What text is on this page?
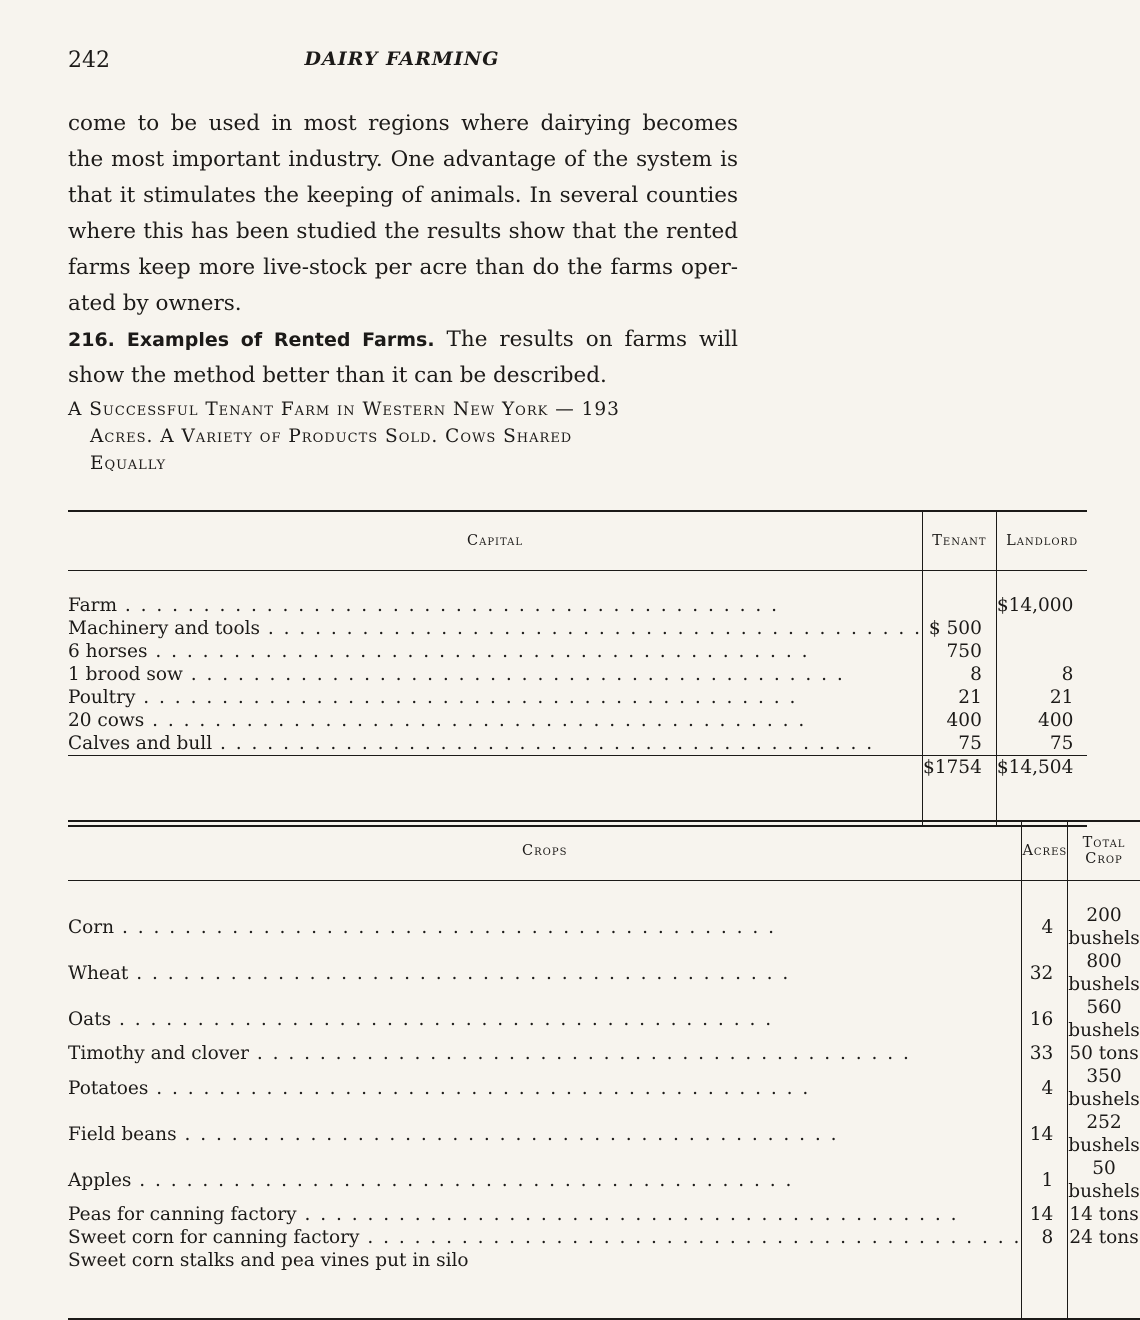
242	DAIRY FARMING

come to be used in most regions where dairying becomes the most important industry. One advantage of the system is that it stimulates the keeping of animals. In several counties where this has been studied the results show that the rented farms keep more live-stock per acre than do the farms oper-ated by owners.

216. Examples of Rented Farms. The results on farms will show the method better than it can be described.

A Successful Tenant Farm in Western New York — 193
Acres. A Variety of Products Sold. Cows Shared
Equally
Capital	Tenant	Landlord

Farm . . .		$14,000
Machinery and tools . . .	$ 500	
6 horses . . .	750	
1 brood sow . . .	8	8
Poultry . . .	21	21
20 cows . . .	400	400
Calves and bull . . .	75	75
	$1754	$14,504

Crops	Acres	Total Crop

Corn . . .	4	200 bushels
Wheat . . .	32	800 bushels
Oats . . .	16	560 bushels
Timothy and clover . . .	33	50 tons
Potatoes . . .	4	350 bushels
Field beans . . .	14	252 bushels
Apples . . .	1	50 bushels
Peas for canning factory . . .	14	14 tons
Sweet corn for canning factory . . .	8	24 tons
Sweet corn stalks and pea vines put in silo		
